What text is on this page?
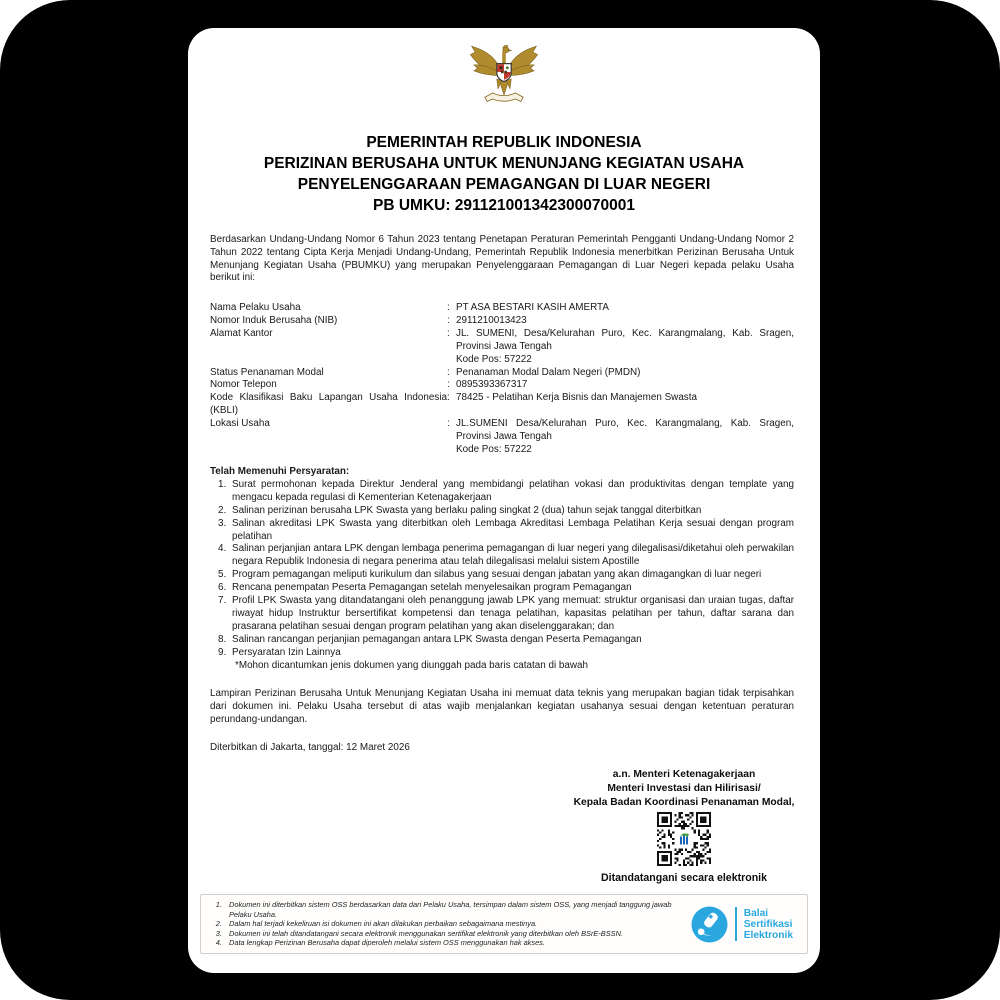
PEMERINTAH REPUBLIK INDONESIA
PERIZINAN BERUSAHA UNTUK MENUNJANG KEGIATAN USAHA
PENYELENGGARAAN PEMAGANGAN DI LUAR NEGERI
PB UMKU: 291121001342300070001
Berdasarkan Undang-Undang Nomor 6 Tahun 2023 tentang Penetapan Peraturan Pemerintah Pengganti Undang-Undang Nomor 2 Tahun 2022 tentang Cipta Kerja Menjadi Undang-Undang, Pemerintah Republik Indonesia menerbitkan Perizinan Berusaha Untuk Menunjang Kegiatan Usaha (PBUMKU) yang merupakan Penyelenggaraan Pemagangan di Luar Negeri kepada pelaku Usaha berikut ini:
Nama Pelaku Usaha	: PT ASA BESTARI KASIH AMERTA
Nomor Induk Berusaha (NIB)	: 2911210013423
Alamat Kantor	: JL. SUMENI, Desa/Kelurahan Puro, Kec. Karangmalang, Kab. Sragen, Provinsi Jawa Tengah
Kode Pos: 57222
Status Penanaman Modal	: Penanaman Modal Dalam Negeri (PMDN)
Nomor Telepon	: 0895393367317
Kode Klasifikasi Baku Lapangan Usaha Indonesia (KBLI)
: 78425 - Pelatihan Kerja Bisnis dan Manajemen Swasta
Lokasi Usaha	: JL.SUMENI Desa/Kelurahan Puro, Kec. Karangmalang, Kab. Sragen, Provinsi Jawa Tengah
Kode Pos: 57222
Telah Memenuhi Persyaratan:
1. Surat permohonan kepada Direktur Jenderal yang membidangi pelatihan vokasi dan produktivitas dengan template yang mengacu kepada regulasi di Kementerian Ketenagakerjaan
2. Salinan perizinan berusaha LPK Swasta yang berlaku paling singkat 2 (dua) tahun sejak tanggal diterbitkan
3. Salinan akreditasi LPK Swasta yang diterbitkan oleh Lembaga Akreditasi Lembaga Pelatihan Kerja sesuai dengan program pelatihan
4. Salinan perjanjian antara LPK dengan lembaga penerima pemagangan di luar negeri yang dilegalisasi/diketahui oleh perwakilan negara Republik Indonesia di negara penerima atau telah dilegalisasi melalui sistem Apostille
5. Program pemagangan meliputi kurikulum dan silabus yang sesuai dengan jabatan yang akan dimagangkan di luar negeri
6. Rencana penempatan Peserta Pemagangan setelah menyelesaikan program Pemagangan
7. Profil LPK Swasta yang ditandatangani oleh penanggung jawab LPK yang memuat: struktur organisasi dan uraian tugas, daftar riwayat hidup Instruktur bersertifikat kompetensi dan tenaga pelatihan, kapasitas pelatihan per tahun, daftar sarana dan prasarana pelatihan sesuai dengan program pelatihan yang akan diselenggarakan; dan
8. Salinan rancangan perjanjian pemagangan antara LPK Swasta dengan Peserta Pemagangan
9. Persyaratan Izin Lainnya
*Mohon dicantumkan jenis dokumen yang diunggah pada baris catatan di bawah
Lampiran Perizinan Berusaha Untuk Menunjang Kegiatan Usaha ini memuat data teknis yang merupakan bagian tidak terpisahkan dari dokumen ini. Pelaku Usaha tersebut di atas wajib menjalankan kegiatan usahanya sesuai dengan ketentuan peraturan perundang-undangan.
Diterbitkan di Jakarta, tanggal: 12 Maret 2026
a.n. Menteri Ketenagakerjaan
Menteri Investasi dan Hilirisasi/
Kepala Badan Koordinasi Penanaman Modal,
Ditandatangani secara elektronik
1. Dokumen ini diterbitkan sistem OSS berdasarkan data dari Pelaku Usaha, tersimpan dalam sistem OSS, yang menjadi tanggung jawab Pelaku Usaha.
2. Dalam hal terjadi kekeliruan isi dokumen ini akan dilakukan perbaikan sebagaimana mestinya.
3. Dokumen ini telah ditandatangani secara elektronik menggunakan sertifikat elektronik yang diterbitkan oleh BSrE-BSSN.
4. Data lengkap Perizinan Berusaha dapat diperoleh melalui sistem OSS menggunakan hak akses.
Balai
Sertifikasi
Elektronik
